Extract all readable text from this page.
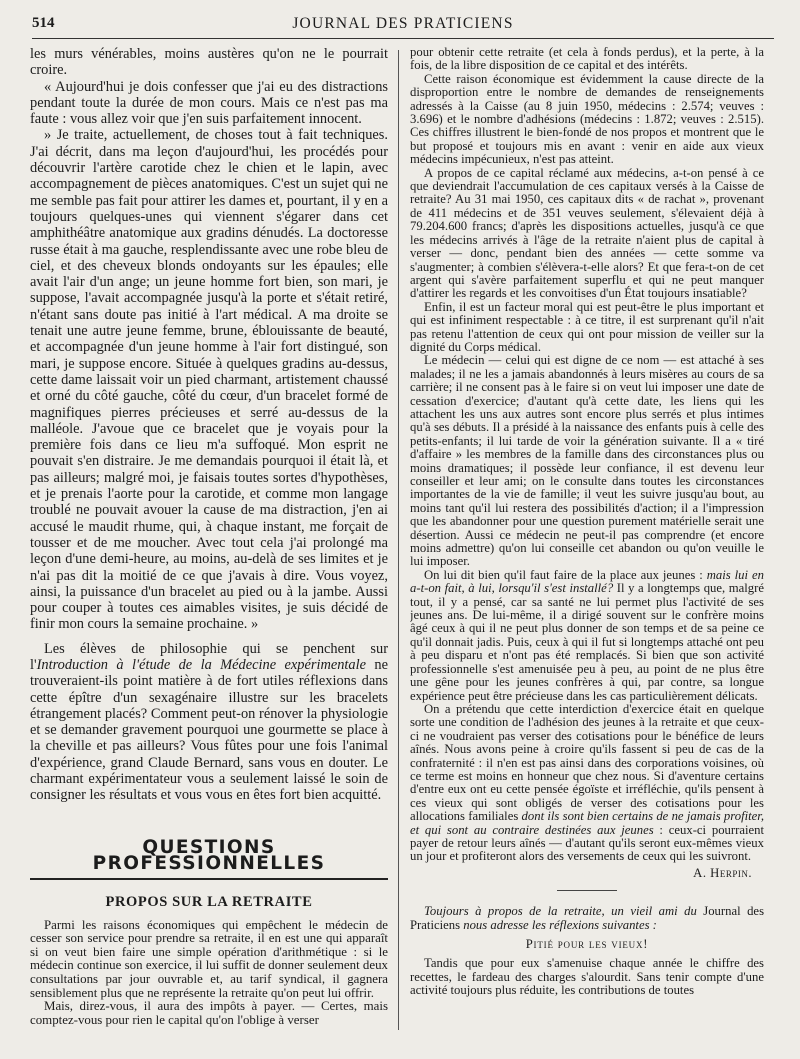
514	JOURNAL DES PRATICIENS

les murs vénérables, moins austères qu'on ne le pourrait croire.

« Aujourd'hui je dois confesser que j'ai eu des distractions pendant toute la durée de mon cours. Mais ce n'est pas ma faute : vous allez voir que j'en suis parfaitement innocent.

» Je traite, actuellement, de choses tout à fait techniques. J'ai décrit, dans ma leçon d'aujourd'hui, les procédés pour découvrir l'artère carotide chez le chien et le lapin, avec accompagnement de pièces anatomiques. C'est un sujet qui ne me semble pas fait pour attirer les dames et, pourtant, il y en a toujours quelques-unes qui viennent s'égarer dans cet amphithéâtre anatomique aux gradins dénudés. La doctoresse russe était à ma gauche, resplendissante avec une robe bleu de ciel, et des cheveux blonds ondoyants sur les épaules; elle avait l'air d'un ange; un jeune homme fort bien, son mari, je suppose, l'avait accompagnée jusqu'à la porte et s'était retiré, n'étant sans doute pas initié à l'art médical. A ma droite se tenait une autre jeune femme, brune, éblouissante de beauté, et accompagnée d'un jeune homme à l'air fort distingué, son mari, je suppose encore. Située à quelques gradins au-dessus, cette dame laissait voir un pied charmant, artistement chaussé et orné du côté gauche, côté du cœur, d'un bracelet formé de magnifiques pierres précieuses et serré au-dessus de la malléole. J'avoue que ce bracelet que je voyais pour la première fois dans ce lieu m'a suffoqué. Mon esprit ne pouvait s'en distraire. Je me demandais pourquoi il était là, et pas ailleurs; malgré moi, je faisais toutes sortes d'hypothèses, et je prenais l'aorte pour la carotide, et comme mon langage troublé ne pouvait avouer la cause de ma distraction, j'en ai accusé le maudit rhume, qui, à chaque instant, me forçait de tousser et de me moucher. Avec tout cela j'ai prolongé ma leçon d'une demi-heure, au moins, au-delà de ses limites et je n'ai pas dit la moitié de ce que j'avais à dire. Vous voyez, ainsi, la puissance d'un bracelet au pied ou à la jambe. Aussi pour couper à toutes ces aimables visites, je suis décidé de finir mon cours la semaine prochaine. »

Les élèves de philosophie qui se penchent sur l'Introduction à l'étude de la Médecine expérimentale ne trouveraient-ils point matière à de fort utiles réflexions dans cette épître d'un sexagénaire illustre sur les bracelets étrangement placés? Comment peut-on rénover la physiologie et se demander gravement pourquoi une gourmette se place à la cheville et pas ailleurs? Vous fûtes pour une fois l'animal d'expérience, grand Claude Bernard, sans vous en douter. Le charmant expérimentateur vous a seulement laissé le soin de consigner les résultats et vous vous en êtes fort bien acquitté.

QUESTIONS PROFESSIONNELLES
PROPOS SUR LA RETRAITE

Parmi les raisons économiques qui empêchent le médecin de cesser son service pour prendre sa retraite, il en est une qui apparaît si on veut bien faire une simple opération d'arithmétique : si le médecin continue son exercice, il lui suffit de donner seulement deux consultations par jour ouvrable et, au tarif syndical, il gagnera sensiblement plus que ne représente la retraite qu'on peut lui offrir.

Mais, direz-vous, il aura des impôts à payer. — Certes, mais comptez-vous pour rien le capital qu'on l'oblige à verser

pour obtenir cette retraite (et cela à fonds perdus), et la perte, à la fois, de la libre disposition de ce capital et des intérêts.

Cette raison économique est évidemment la cause directe de la disproportion entre le nombre de demandes de renseignements adressés à la Caisse (au 8 juin 1950, médecins : 2.574; veuves : 3.696) et le nombre d'adhésions (médecins : 1.872; veuves : 2.515). Ces chiffres illustrent le bien-fondé de nos propos et montrent que le but proposé et toujours mis en avant : venir en aide aux vieux médecins impécunieux, n'est pas atteint.

A propos de ce capital réclamé aux médecins, a-t-on pensé à ce que deviendrait l'accumulation de ces capitaux versés à la Caisse de retraite? Au 31 mai 1950, ces capitaux dits « de rachat », provenant de 411 médecins et de 351 veuves seulement, s'élevaient déjà à 79.204.600 francs; d'après les dispositions actuelles, jusqu'à ce que les médecins arrivés à l'âge de la retraite n'aient plus de capital à verser — donc, pendant bien des années — cette somme va s'augmenter; à combien s'élèvera-t-elle alors? Et que fera-t-on de cet argent qui s'avère parfaitement superflu et qui ne peut manquer d'attirer les regards et les convoitises d'un État toujours insatiable?

Enfin, il est un facteur moral qui est peut-être le plus important et qui est infiniment respectable : à ce titre, il est surprenant qu'il n'ait pas retenu l'attention de ceux qui ont pour mission de veiller sur la dignité du Corps médical.

Le médecin — celui qui est digne de ce nom — est attaché à ses malades; il ne les a jamais abandonnés à leurs misères au cours de sa carrière; il ne consent pas à le faire si on veut lui imposer une date de cessation d'exercice; d'autant qu'à cette date, les liens qui les attachent les uns aux autres sont encore plus serrés et plus intimes qu'à ses débuts. Il a présidé à la naissance des enfants puis à celle des petits-enfants; il lui tarde de voir la génération suivante. Il a « tiré d'affaire » les membres de la famille dans des circonstances plus ou moins dramatiques; il possède leur confiance, il est devenu leur conseiller et leur ami; on le consulte dans toutes les circonstances importantes de la vie de famille; il veut les suivre jusqu'au bout, au moins tant qu'il lui restera des possibilités d'action; il a l'impression que les abandonner pour une question purement matérielle serait une désertion. Aussi ce médecin ne peut-il pas comprendre (et encore moins admettre) qu'on lui conseille cet abandon ou qu'on veuille le lui imposer.

On lui dit bien qu'il faut faire de la place aux jeunes : mais lui en a-t-on fait, à lui, lorsqu'il s'est installé? Il y a longtemps que, malgré tout, il y a pensé, car sa santé ne lui permet plus l'activité de ses jeunes ans. De lui-même, il a dirigé souvent sur le confrère moins âgé ceux à qui il ne peut plus donner de son temps et de sa peine ce qu'il donnait jadis. Puis, ceux à qui il fut si longtemps attaché ont peu à peu disparu et n'ont pas été remplacés. Si bien que son activité professionnelle s'est amenuisée peu à peu, au point de ne plus être une gêne pour les jeunes confrères à qui, par contre, sa longue expérience peut être précieuse dans les cas particulièrement délicats.

On a prétendu que cette interdiction d'exercice était en quelque sorte une condition de l'adhésion des jeunes à la retraite et que ceux-ci ne voudraient pas verser des cotisations pour le bénéfice de leurs aînés. Nous avons peine à croire qu'ils fassent si peu de cas de la confraternité : il n'en est pas ainsi dans des corporations voisines, où ce terme est moins en honneur que chez nous. Si d'aventure certains d'entre eux ont eu cette pensée égoïste et irréfléchie, qu'ils pensent à ces vieux qui sont obligés de verser des cotisations pour les allocations familiales dont ils sont bien certains de ne jamais profiter, et qui sont au contraire destinées aux jeunes : ceux-ci pourraient payer de retour leurs aînés — d'autant qu'ils seront eux-mêmes vieux un jour et profiteront alors des versements de ceux qui les suivront.

A. Herpin.

Toujours à propos de la retraite, un vieil ami du Journal des Praticiens nous adresse les réflexions suivantes :

Pitié pour les vieux!

Tandis que pour eux s'amenuise chaque année le chiffre des recettes, le fardeau des charges s'alourdit. Sans tenir compte d'une activité toujours plus réduite, les contributions de toutes
